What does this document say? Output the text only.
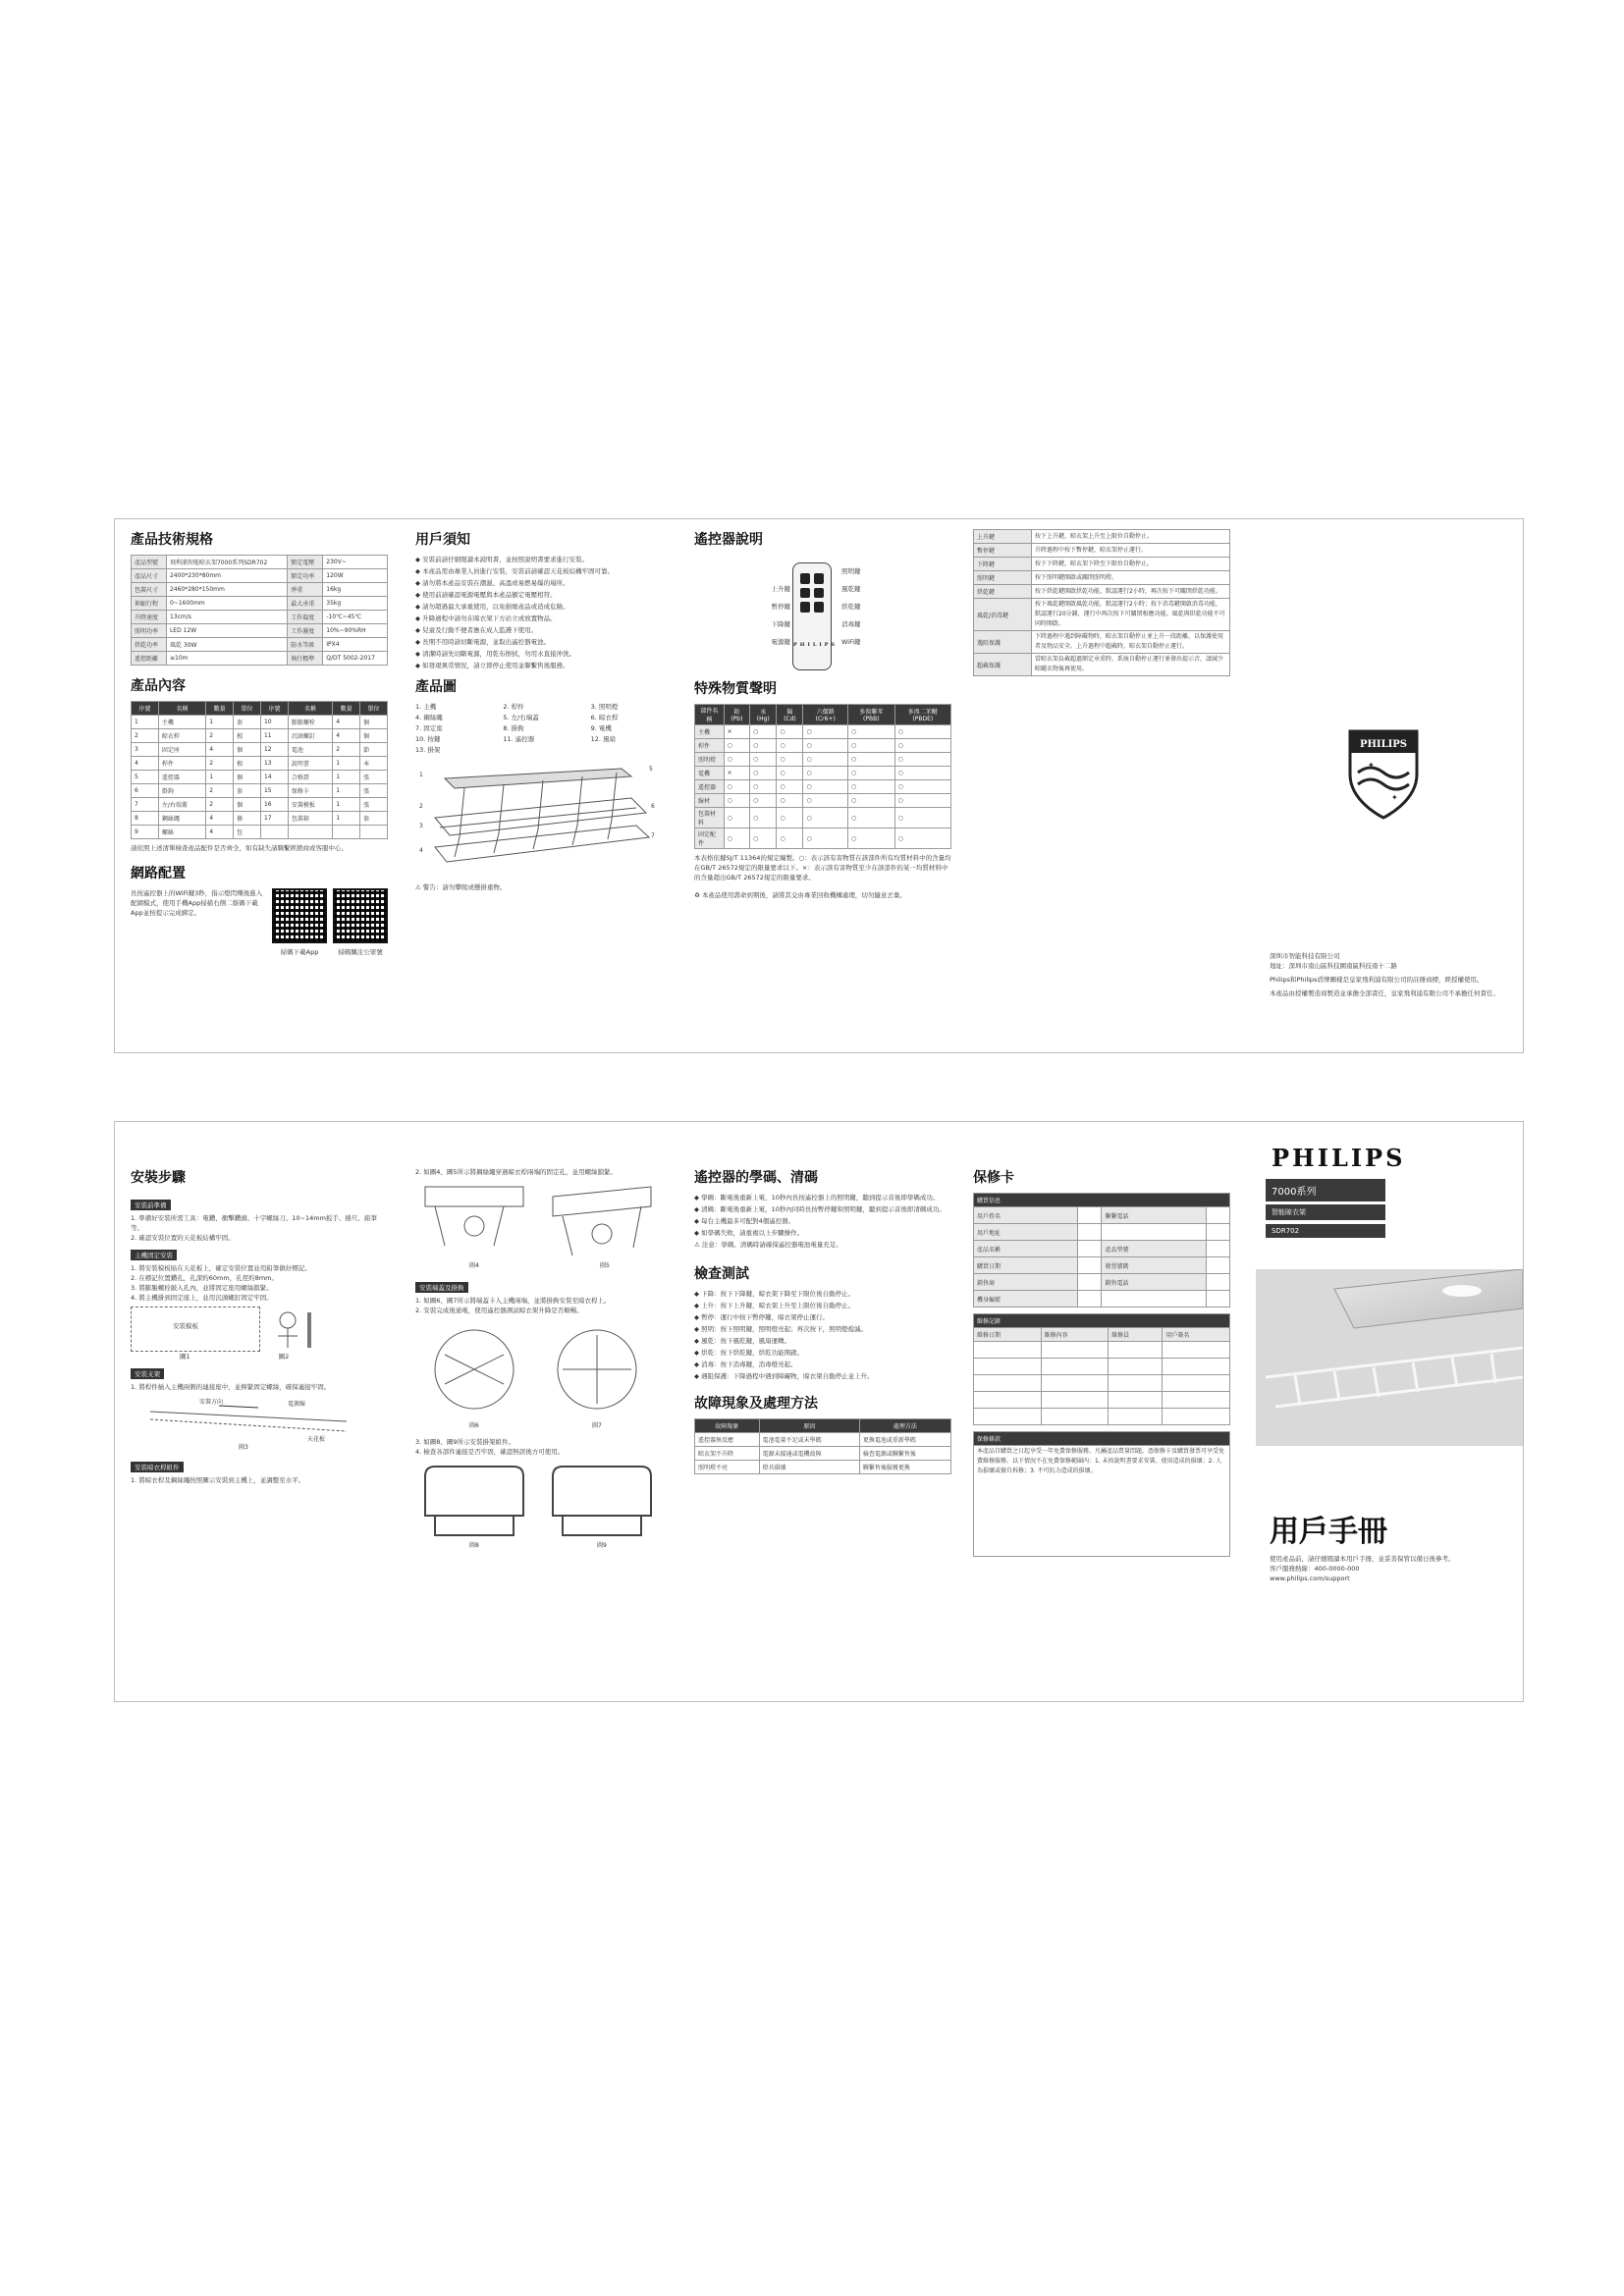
產品技術規格
產品型號	飛利浦智能晾衣架7000系列SDR702	額定電壓	230V~
產品尺寸	2400*230*80mm	額定功率	120W
包裝尺寸	2460*280*150mm	淨重	16kg
伸縮行程	0~1600mm	最大承重	35kg
升降速度	13cm/s	工作溫度	-10℃~45℃
照明功率	LED 12W	工作濕度	10%~90%RH
烘乾功率	風乾 30W	防水等級	IPX4
遙控距離	≥10m	執行標準	Q/DT 5002-2017
產品內容
序號	名稱	數量	單位	序號	名稱	數量	單位
1	主機	1	套	10	膨脹螺栓	4	個
2	晾衣桿	2	根	11	沉頭螺釘	4	個
3	固定座	4	個	12	電池	2	節
4	桿件	2	根	13	說明書	1	本
5	遙控器	1	個	14	合格證	1	張
6	掛鉤	2	套	15	保修卡	1	張
7	左/右端蓋	2	個	16	安裝模板	1	張
8	鋼絲繩	4	條	17	包裝箱	1	套
9	螺絲	4	包				
請依照上述清單檢查產品配件是否齊全，如有缺失請聯繫經銷商或客服中心。
網路配置
長按遙控器上的WiFi鍵3秒，指示燈閃爍後進入配網模式，使用手機App掃描右側二維碼下載App並按提示完成綁定。
掃碼下載App	掃碼關注公眾號
用戶須知
◆ 安裝前請仔細閱讀本說明書，並按照說明書要求進行安裝。
◆ 本產品需由專業人員進行安裝，安裝前請確認天花板結構牢固可靠。
◆ 請勿將本產品安裝在潮濕、高溫或易燃易爆的場所。
◆ 使用前請確認電源電壓與本產品額定電壓相符。
◆ 請勿超過最大承重使用，以免損壞產品或造成危險。
◆ 升降過程中請勿在晾衣架下方站立或放置物品。
◆ 兒童及行動不便者應在成人監護下使用。
◆ 長期不用時請切斷電源，並取出遙控器電池。
◆ 清潔時請先切斷電源，用乾布擦拭，勿用水直接沖洗。
◆ 如發現異常情況，請立即停止使用並聯繫售後服務。
產品圖
1. 主機	2. 桿件	3. 照明燈
4. 鋼絲繩	5. 左/右端蓋	6. 晾衣桿
7. 固定座	8. 掛鉤	9. 電機
10. 按鍵	11. 遙控器	12. 風扇
13. 掛架
1
2
3
4
5
6
7
⚠ 警告：請勿攀爬或懸掛重物。
遙控器說明
PHILIPS
上升鍵
暫停鍵
下降鍵
電源鍵
照明鍵
風乾鍵
烘乾鍵
消毒鍵
WiFi鍵
特殊物質聲明
部件名稱	鉛 (Pb)	汞 (Hg)	鎘 (Cd)	六價鉻 (Cr6+)	多溴聯苯 (PBB)	多溴二苯醚 (PBDE)
主機	×	○	○	○	○	○
桿件	○	○	○	○	○	○
照明燈	○	○	○	○	○	○
電機	×	○	○	○	○	○
遙控器	○	○	○	○	○	○
線材	○	○	○	○	○	○
包裝材料	○	○	○	○	○	○
固定配件	○	○	○	○	○	○
本表格依據SJ/T 11364的規定編製。○：表示該有害物質在該部件所有均質材料中的含量均在GB/T 26572規定的限量要求以下。×：表示該有害物質至少在該部件的某一均質材料中的含量超出GB/T 26572規定的限量要求。
♻ 本產品使用壽命到期後，請將其交由專業回收機構處理，切勿隨意丟棄。
上升鍵	按下上升鍵，晾衣架上升至上限位自動停止。
暫停鍵	升降過程中按下暫停鍵，晾衣架停止運行。
下降鍵	按下下降鍵，晾衣架下降至下限位自動停止。
照明鍵	按下照明鍵開啟或關閉照明燈。
烘乾鍵	按下烘乾鍵開啟烘乾功能，默認運行2小時，再次按下可關閉烘乾功能。
風乾/消毒鍵	按下風乾鍵開啟風乾功能，默認運行2小時；按下消毒鍵開啟消毒功能，默認運行20分鐘，運行中再次按下可關閉相應功能。風乾與烘乾功能不可同時開啟。
遇阻保護	下降過程中遇到障礙物時，晾衣架自動停止並上升一段距離，以保護使用者及物品安全。上升過程中超載時，晾衣架自動停止運行。
超載保護	當晾衣架負載超過額定承重時，系統自動停止運行並發出提示音，請減少晾曬衣物後再使用。
PHILIPS
✦
✦
深圳市智能科技有限公司
地址：深圳市南山區科技園南區科技南十二路
Philips和Philips盾牌圖樣是皇家飛利浦有限公司的註冊商標，經授權使用。
本產品由授權製造商製造並承擔全部責任，皇家飛利浦有限公司不承擔任何責任。
安裝步驟
安裝前準備
1. 準備好安裝所需工具：電鑽、衝擊鑽頭、十字螺絲刀、10~14mm扳手、捲尺、鉛筆等。
2. 確認安裝位置的天花板結構牢固。
主機固定安裝
1. 將安裝模板貼在天花板上，確定安裝位置並用鉛筆做好標記。
2. 在標記位置鑽孔，孔深約60mm，孔徑約8mm。
3. 將膨脹螺栓敲入孔內，並將固定座用螺絲鎖緊。
4. 將主機掛到固定座上，並用沉頭螺釘固定牢固。
安裝模板
圖1	圖2
安裝支架
1. 將桿件插入主機兩側的連接座中，並擰緊固定螺絲，確保連接牢固。
安裝方向	電源線
天花板
圖3
安裝晾衣桿組件
1. 將晾衣桿及鋼絲繩按照圖示安裝到主機上，並調整至水平。
2. 如圖4、圖5所示將鋼絲繩穿過晾衣桿兩端的固定孔，並用螺絲鎖緊。
圖4	圖5
安裝端蓋及掛鉤
1. 如圖6、圖7所示將端蓋卡入主機兩端，並將掛鉤安裝至晾衣桿上。
2. 安裝完成後通電，使用遙控器測試晾衣架升降是否順暢。
圖6	圖7
3. 如圖8、圖9所示安裝掛架組件。
4. 檢查各部件連接是否牢固，確認無誤後方可使用。
圖8	圖9
遙控器的學碼、清碼
◆ 學碼：斷電後重新上電，10秒內長按遙控器上的照明鍵，聽到提示音後即學碼成功。
◆ 清碼：斷電後重新上電，10秒內同時長按暫停鍵和照明鍵，聽到提示音後即清碼成功。
◆ 每台主機最多可配對4個遙控器。
◆ 如學碼失敗，請重複以上步驟操作。
⚠ 注意：學碼、清碼時請確保遙控器電池電量充足。
檢查測試
◆ 下降：按下下降鍵，晾衣架下降至下限位後自動停止。
◆ 上升：按下上升鍵，晾衣架上升至上限位後自動停止。
◆ 暫停：運行中按下暫停鍵，晾衣架停止運行。
◆ 照明：按下照明鍵，照明燈亮起；再次按下，照明燈熄滅。
◆ 風乾：按下風乾鍵，風扇運轉。
◆ 烘乾：按下烘乾鍵，烘乾功能開啟。
◆ 消毒：按下消毒鍵，消毒燈亮起。
◆ 遇阻保護：下降過程中遇到障礙物，晾衣架自動停止並上升。
故障現象及處理方法
故障現象	原因	處理方法
遙控器無反應	電池電量不足或未學碼	更換電池或重新學碼
晾衣架不升降	電源未接通或電機故障	檢查電源或聯繫售後
照明燈不亮	燈具損壞	聯繫售後服務更換
保修卡
購買信息			
用戶姓名		聯繫電話	
用戶地址			
產品名稱		產品型號	
購買日期		發票號碼	
銷售商		銷售電話	
機身編號			
維修記錄			
維修日期	維修內容	維修員	用戶簽名

保修條款
本產品自購買之日起享受一年免費保修服務。凡屬產品質量問題，憑保修卡及購買發票可享受免費維修服務。以下情況不在免費保修範圍內：1. 未按說明書要求安裝、使用造成的損壞；2. 人為損壞或擅自拆修；3. 不可抗力造成的損壞。
PHILIPS
7000系列
智能晾衣架
SDR702
用戶手冊
使用產品前，請仔細閱讀本用戶手冊，並妥善保管以備日後參考。
客戶服務熱線：400-0000-000
www.philips.com/support
